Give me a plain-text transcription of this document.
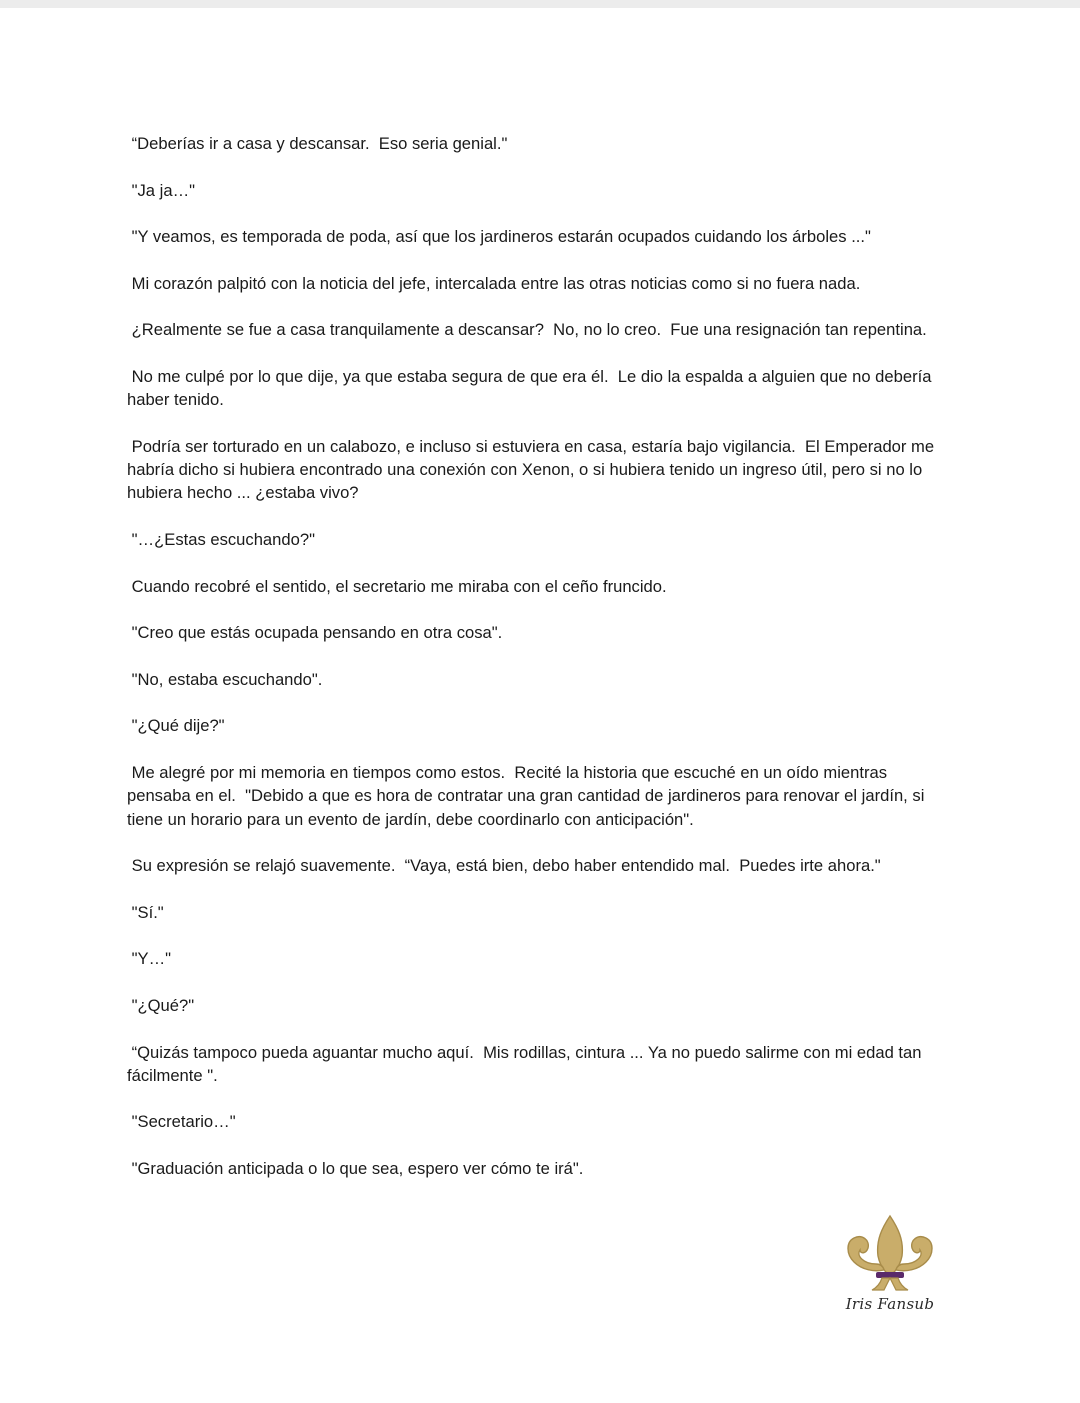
“Deberías ir a casa y descansar.  Eso seria genial."

"Ja ja…"

"Y veamos, es temporada de poda, así que los jardineros estarán ocupados cuidando los árboles ..."

Mi corazón palpitó con la noticia del jefe, intercalada entre las otras noticias como si no fuera nada.

¿Realmente se fue a casa tranquilamente a descansar?  No, no lo creo.  Fue una resignación tan repentina.

No me culpé por lo que dije, ya que estaba segura de que era él.  Le dio la espalda a alguien que no debería haber tenido.

Podría ser torturado en un calabozo, e incluso si estuviera en casa, estaría bajo vigilancia.  El Emperador me habría dicho si hubiera encontrado una conexión con Xenon, o si hubiera tenido un ingreso útil, pero si no lo hubiera hecho ... ¿estaba vivo?

"…¿Estas escuchando?"

Cuando recobré el sentido, el secretario me miraba con el ceño fruncido.

"Creo que estás ocupada pensando en otra cosa".

"No, estaba escuchando".

"¿Qué dije?"

Me alegré por mi memoria en tiempos como estos.  Recité la historia que escuché en un oído mientras pensaba en el.  "Debido a que es hora de contratar una gran cantidad de jardineros para renovar el jardín, si tiene un horario para un evento de jardín, debe coordinarlo con anticipación".

Su expresión se relajó suavemente.  “Vaya, está bien, debo haber entendido mal.  Puedes irte ahora."

"Sí."

"Y…"

"¿Qué?"

“Quizás tampoco pueda aguantar mucho aquí.  Mis rodillas, cintura ... Ya no puedo salirme con mi edad tan fácilmente ".

"Secretario…"

"Graduación anticipada o lo que sea, espero ver cómo te irá".

Iris Fansub
